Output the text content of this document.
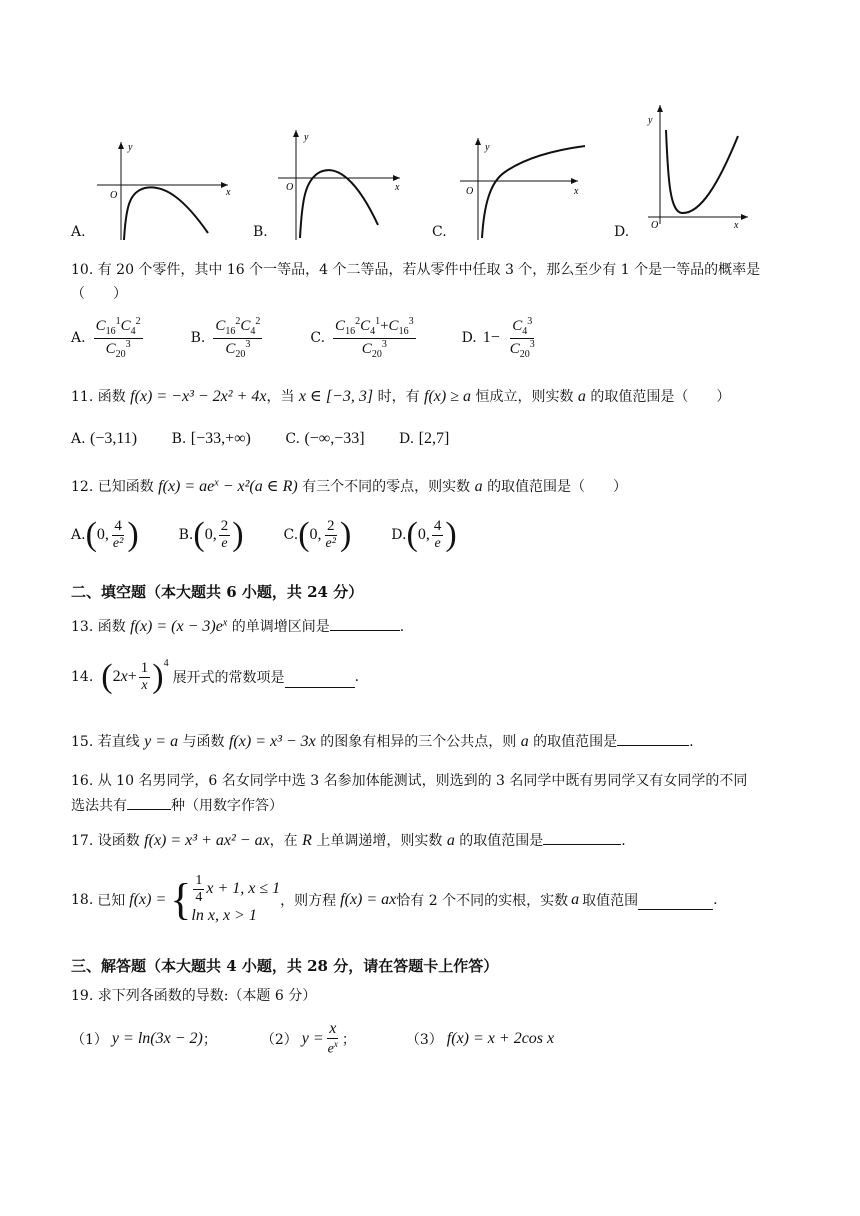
y
x
O
y
x
O
y
x
O
y
x
O
A.	B.	C.	D.
10. 有 20 个零件，其中 16 个一等品，4 个二等品，若从零件中任取 3 个，那么至少有 1 个是一等品的概率是
（　　）
A. $\frac{C_{16}^1C_4^2}{C_{20}^3}$	B. $\frac{C_{16}^2C_4^2}{C_{20}^3}$	C. $\frac{C_{16}^2C_4^1+C_{16}^3}{C_{20}^3}$	D. $1- \frac{C_4^3}{C_{20}^3}$
11. 函数 f(x) = −x³ − 2x² + 4x，当 x ∈ [−3, 3] 时，有 f(x) ≥ a 恒成立，则实数 a 的取值范围是（　　）
A. (−3,11) B. [−33,+∞) C. (−∞,−33] D. [2,7]
12. 已知函数 $f(x) = ae^x - x^2(a$ ∈ R) 有三个不同的零点，则实数 a 的取值范围是（　　）
A. ( 0, $\frac{4}{\text{e²}}$ )	B. ( 0, $\frac{2}{e}$ )	C. ( 0, $\frac{2}{\text{e²}}$ )	D. ( 0, $\frac{4}{e}$ )
二、填空题（本大题共 6 小题，共 24 分）
13. 函数 $f(x) = (x - 3)e^x$ 的单调增区间是	.
14. ( $2x+ \frac{1}{x} )^4$
展开式的常数项是	.
15. 若直线 y = a 与函数 f(x) = x³ − 3x 的图象有相异的三个公共点，则 a 的取值范围是	.
16. 从 10 名男同学，6 名女同学中选 3 名参加体能测试，则选到的 3 名同学中既有男同学又有女同学的不同
选法共有	种（用数字作答）
17. 设函数 f(x) = x³ + ax² − ax，在 R 上单调递增，则实数 a 的取值范围是	.
18. 已知 f(x) = { $\frac{1}{4}$ x + 1, x ≤ 1
ln x, x > 1
，则方程 f(x) = ax 恰有 2 个不同的实根，实数 a 取值范围	.
三、解答题（本大题共 4 小题，共 28 分，请在答题卡上作答）
19. 求下列各函数的导数:（本题 6 分）
（1） y = ln(3x − 2) ；	（2） $y = \frac{x}{e^x}$ ；	（3） f(x) = x + 2cos x
